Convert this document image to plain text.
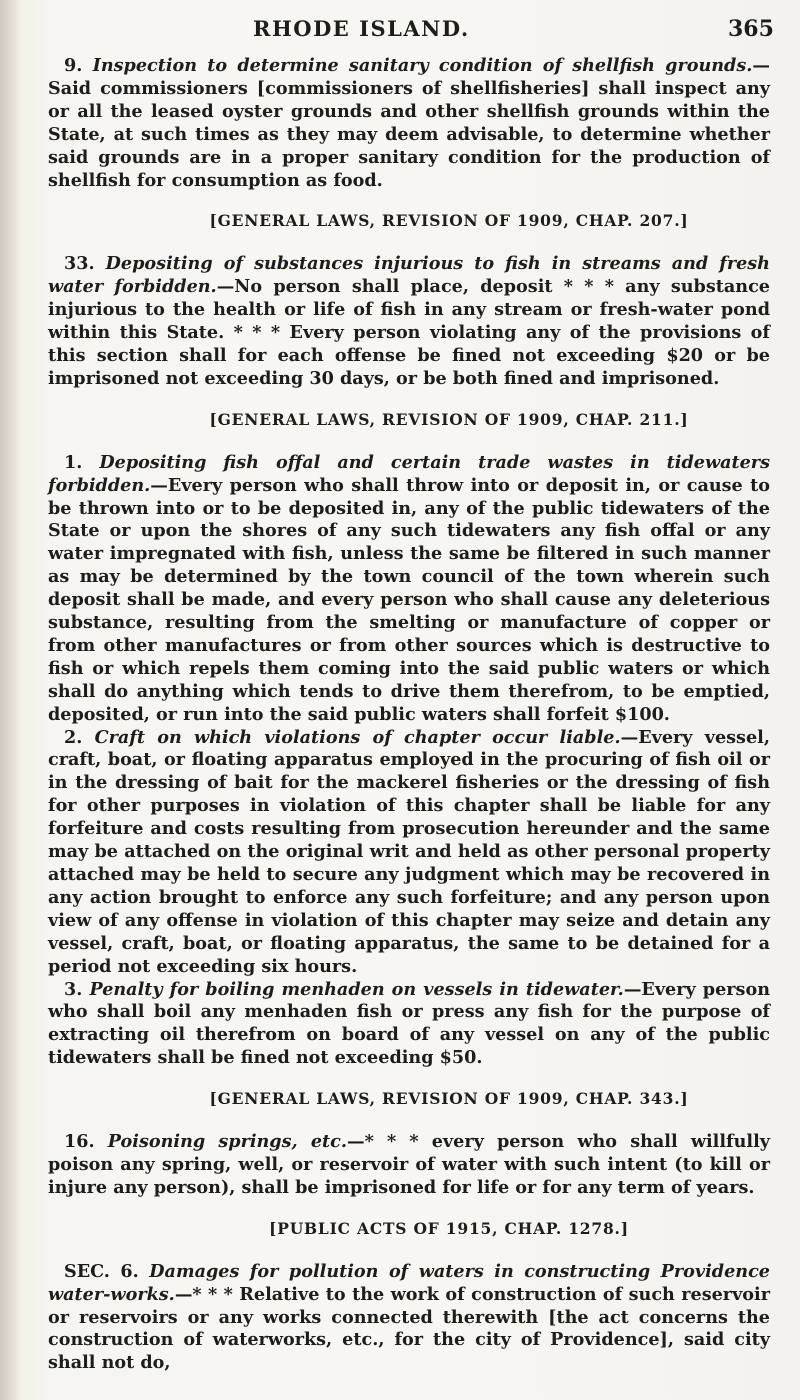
RHODE ISLAND.	365

9. Inspection to determine sanitary condition of shellfish grounds.—Said commissioners [commissioners of shellfisheries] shall inspect any or all the leased oyster grounds and other shellfish grounds within the State, at such times as they may deem advisable, to determine whether said grounds are in a proper sanitary condition for the production of shellfish for consumption as food.

[GENERAL LAWS, REVISION OF 1909, CHAP. 207.]

33. Depositing of substances injurious to fish in streams and fresh water forbidden.—No person shall place, deposit * * * any substance injurious to the health or life of fish in any stream or fresh-water pond within this State. * * * Every person violating any of the provisions of this section shall for each offense be fined not exceeding $20 or be imprisoned not exceeding 30 days, or be both fined and imprisoned.

[GENERAL LAWS, REVISION OF 1909, CHAP. 211.]

1. Depositing fish offal and certain trade wastes in tidewaters forbidden.—Every person who shall throw into or deposit in, or cause to be thrown into or to be deposited in, any of the public tidewaters of the State or upon the shores of any such tidewaters any fish offal or any water impregnated with fish, unless the same be filtered in such manner as may be determined by the town council of the town wherein such deposit shall be made, and every person who shall cause any deleterious substance, resulting from the smelting or manufacture of copper or from other manufactures or from other sources which is destructive to fish or which repels them coming into the said public waters or which shall do anything which tends to drive them therefrom, to be emptied, deposited, or run into the said public waters shall forfeit $100.

2. Craft on which violations of chapter occur liable.—Every vessel, craft, boat, or floating apparatus employed in the procuring of fish oil or in the dressing of bait for the mackerel fisheries or the dressing of fish for other purposes in violation of this chapter shall be liable for any forfeiture and costs resulting from prosecution hereunder and the same may be attached on the original writ and held as other personal property attached may be held to secure any judgment which may be recovered in any action brought to enforce any such forfeiture; and any person upon view of any offense in violation of this chapter may seize and detain any vessel, craft, boat, or floating apparatus, the same to be detained for a period not exceeding six hours.

3. Penalty for boiling menhaden on vessels in tidewater.—Every person who shall boil any menhaden fish or press any fish for the purpose of extracting oil therefrom on board of any vessel on any of the public tidewaters shall be fined not exceeding $50.

[GENERAL LAWS, REVISION OF 1909, CHAP. 343.]

16. Poisoning springs, etc.—* * * every person who shall willfully poison any spring, well, or reservoir of water with such intent (to kill or injure any person), shall be imprisoned for life or for any term of years.

[PUBLIC ACTS OF 1915, CHAP. 1278.]

SEC. 6. Damages for pollution of waters in constructing Providence water-works.—* * * Relative to the work of construction of such reservoir or reservoirs or any works connected therewith [the act concerns the construction of waterworks, etc., for the city of Providence], said city shall not do,
